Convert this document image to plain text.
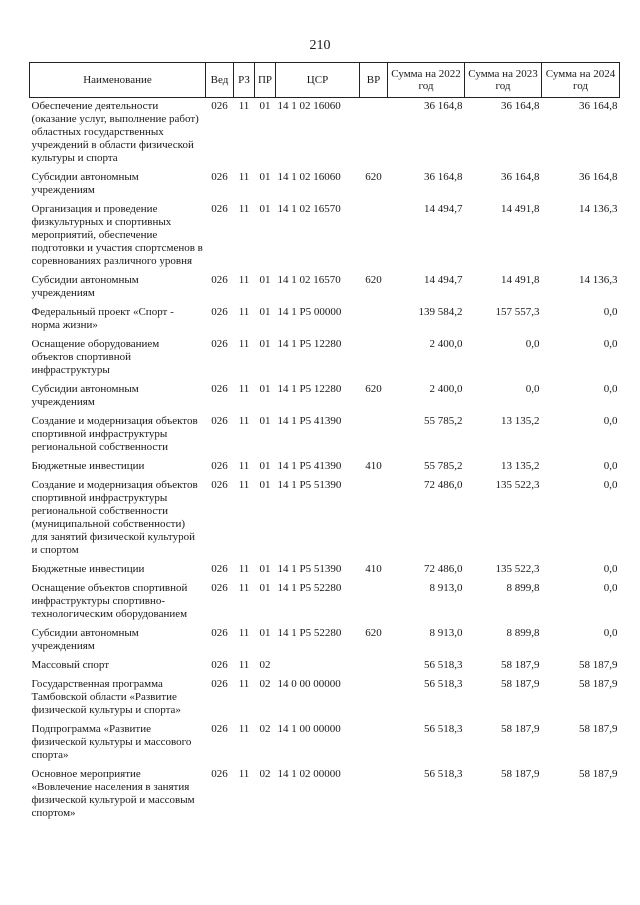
210
Наименование	Вед	РЗ	ПР	ЦСР	ВР	Сумма на 2022 год	Сумма на 2023 год	Сумма на 2024 год
Обеспечение деятельности (оказание услуг, выполнение работ) областных государственных учреждений в области физической культуры и спорта	026	11	01	14 1 02 16060		36 164,8	36 164,8	36 164,8
Субсидии автономным учреждениям	026	11	01	14 1 02 16060	620	36 164,8	36 164,8	36 164,8
Организация и проведение физкультурных и спортивных мероприятий, обеспечение подготовки и участия спортсменов в соревнованиях различного уровня	026	11	01	14 1 02 16570		14 494,7	14 491,8	14 136,3
Субсидии автономным учреждениям	026	11	01	14 1 02 16570	620	14 494,7	14 491,8	14 136,3
Федеральный проект «Спорт - норма жизни»	026	11	01	14 1 P5 00000		139 584,2	157 557,3	0,0
Оснащение оборудованием объектов спортивной инфраструктуры	026	11	01	14 1 P5 12280		2 400,0	0,0	0,0
Субсидии автономным учреждениям	026	11	01	14 1 P5 12280	620	2 400,0	0,0	0,0
Создание и модернизация объектов спортивной инфраструктуры региональной собственности	026	11	01	14 1 P5 41390		55 785,2	13 135,2	0,0
Бюджетные инвестиции	026	11	01	14 1 P5 41390	410	55 785,2	13 135,2	0,0
Создание и модернизация объектов спортивной инфраструктуры региональной собственности (муниципальной собственности) для занятий физической культурой и спортом	026	11	01	14 1 P5 51390		72 486,0	135 522,3	0,0
Бюджетные инвестиции	026	11	01	14 1 P5 51390	410	72 486,0	135 522,3	0,0
Оснащение объектов спортивной инфраструктуры спортивно-технологическим оборудованием	026	11	01	14 1 P5 52280		8 913,0	8 899,8	0,0
Субсидии автономным учреждениям	026	11	01	14 1 P5 52280	620	8 913,0	8 899,8	0,0
Массовый спорт	026	11	02			56 518,3	58 187,9	58 187,9
Государственная программа Тамбовской области «Развитие физической культуры и спорта»	026	11	02	14 0 00 00000		56 518,3	58 187,9	58 187,9
Подпрограмма «Развитие физической культуры и массового спорта»	026	11	02	14 1 00 00000		56 518,3	58 187,9	58 187,9
Основное мероприятие «Вовлечение населения в занятия физической культурой и массовым спортом»	026	11	02	14 1 02 00000		56 518,3	58 187,9	58 187,9
